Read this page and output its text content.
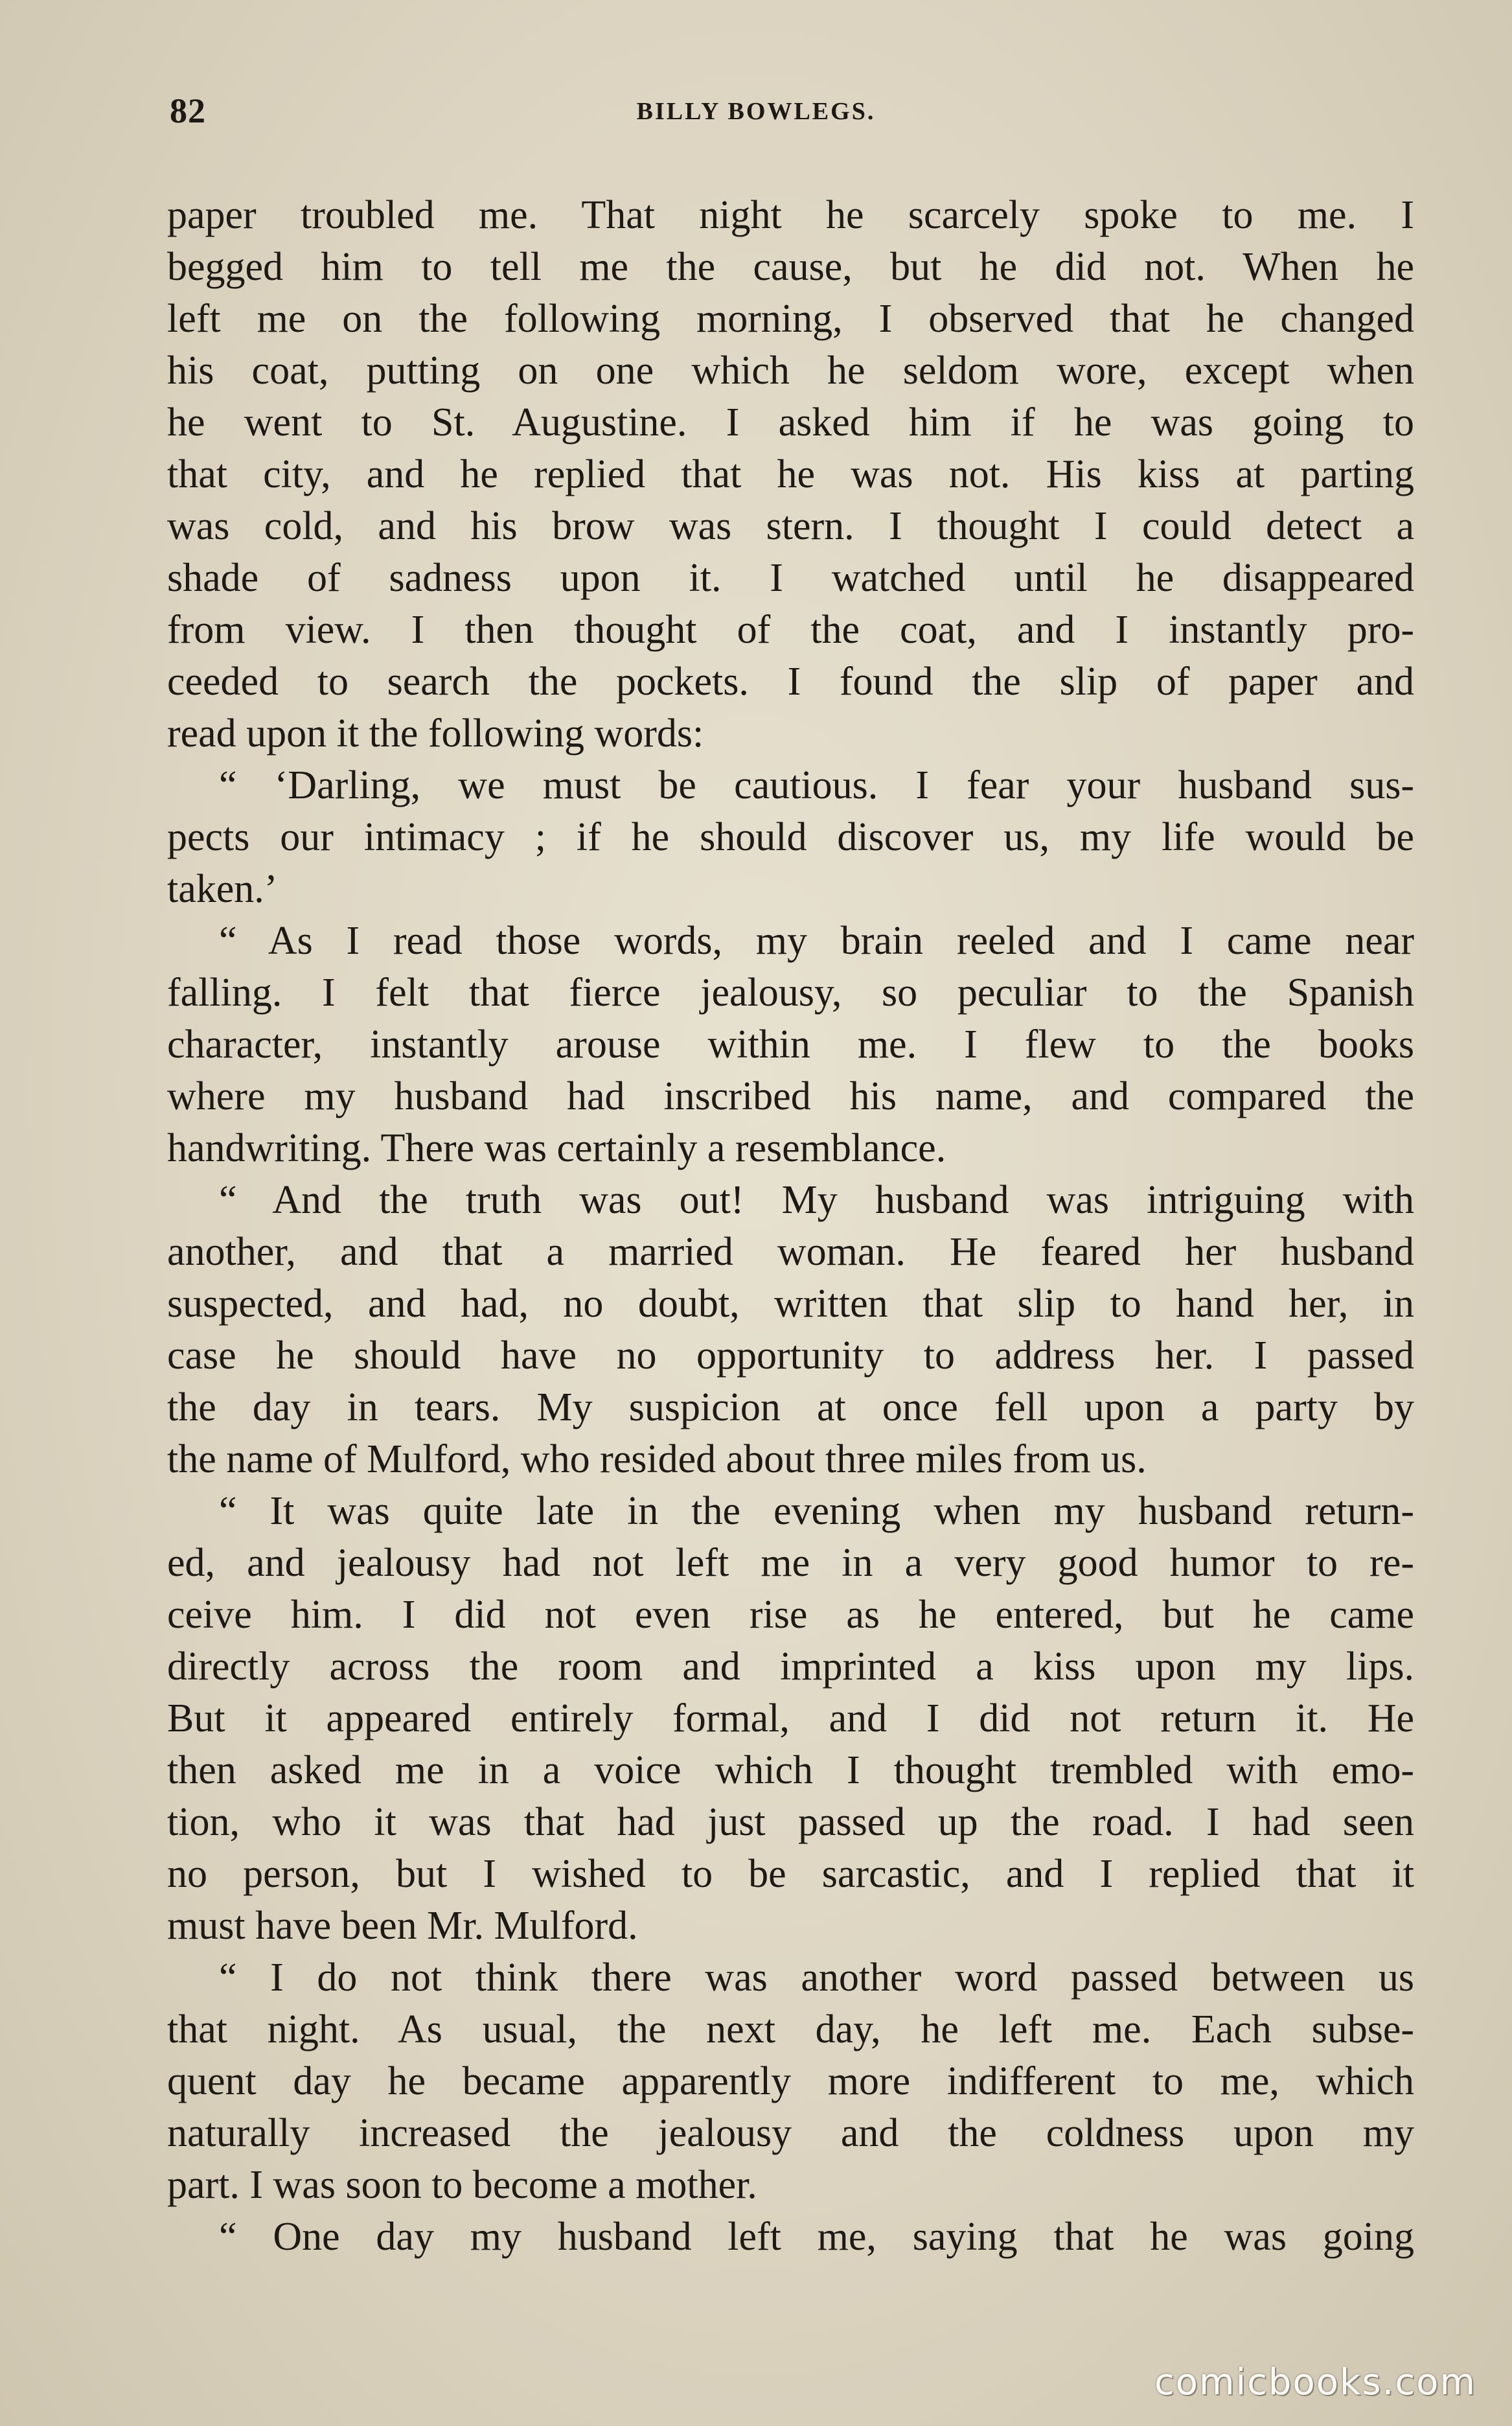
82	BILLY BOWLEGS.
paper troubled me. That night he scarcely spoke to me. I
begged him to tell me the cause, but he did not. When he
left me on the following morning, I observed that he changed
his coat, putting on one which he seldom wore, except when
he went to St. Augustine. I asked him if he was going to
that city, and he replied that he was not. His kiss at parting
was cold, and his brow was stern. I thought I could detect a
shade of sadness upon it. I watched until he disappeared
from view. I then thought of the coat, and I instantly pro-
ceeded to search the pockets. I found the slip of paper and
read upon it the following words:
“ ‘Darling, we must be cautious. I fear your husband sus-
pects our intimacy ; if he should discover us, my life would be
taken.’
“ As I read those words, my brain reeled and I came near
falling. I felt that fierce jealousy, so peculiar to the Spanish
character, instantly arouse within me. I flew to the books
where my husband had inscribed his name, and compared the
handwriting. There was certainly a resemblance.
“ And the truth was out! My husband was intriguing with
another, and that a married woman. He feared her husband
suspected, and had, no doubt, written that slip to hand her, in
case he should have no opportunity to address her. I passed
the day in tears. My suspicion at once fell upon a party by
the name of Mulford, who resided about three miles from us.
“ It was quite late in the evening when my husband return-
ed, and jealousy had not left me in a very good humor to re-
ceive him. I did not even rise as he entered, but he came
directly across the room and imprinted a kiss upon my lips.
But it appeared entirely formal, and I did not return it. He
then asked me in a voice which I thought trembled with emo-
tion, who it was that had just passed up the road. I had seen
no person, but I wished to be sarcastic, and I replied that it
must have been Mr. Mulford.
“ I do not think there was another word passed between us
that night. As usual, the next day, he left me. Each subse-
quent day he became apparently more indifferent to me, which
naturally increased the jealousy and the coldness upon my
part. I was soon to become a mother.
“ One day my husband left me, saying that he was going
comicbooks.com
